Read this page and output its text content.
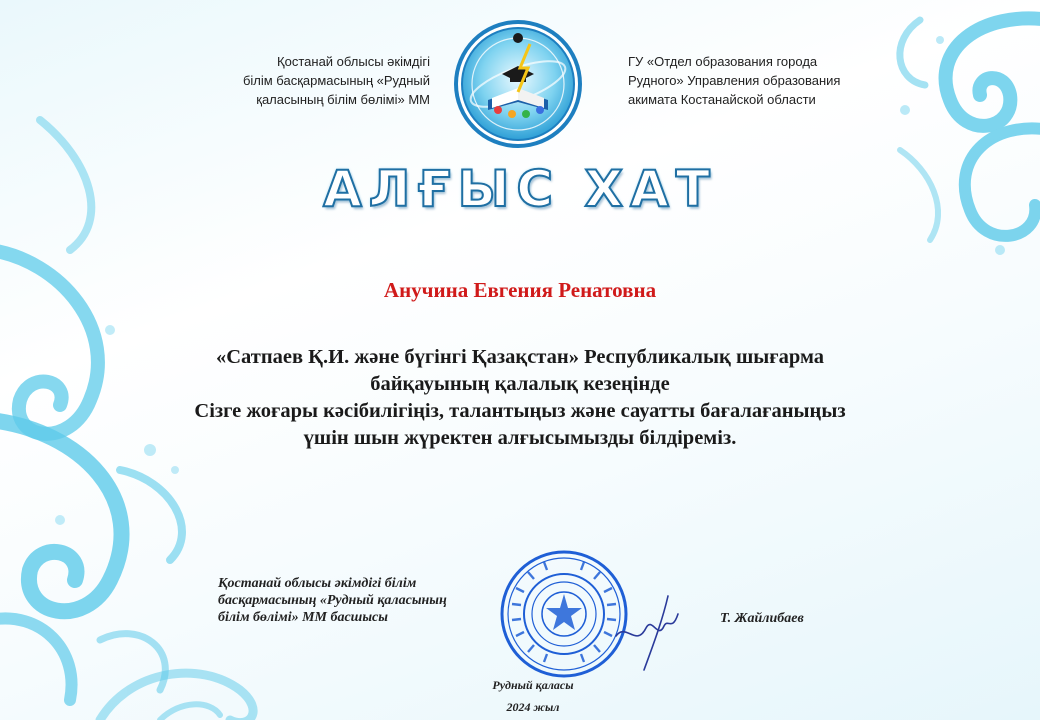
Қостанай облысы әкімдігі
білім басқармасының «Рудный
қаласының білім бөлімі» ММ
ГУ «Отдел образования города
Рудного» Управления образования
акимата Костанайской области
АЛҒЫС ХАТ
Анучина Евгения Ренатовна
«Сатпаев Қ.И. және бүгінгі Қазақстан» Республикалық шығарма
байқауының қалалық кезеңінде
Сізге жоғары кәсібилігіңіз, талантыңыз және сауатты бағалағаныңыз
үшін шын жүректен алғысымызды білдіреміз.
Қостанай облысы әкімдігі білім
басқармасының «Рудный қаласының
білім бөлімі» ММ басшысы	Т. Жайлибаев
Рудный қаласы
2024 жыл
